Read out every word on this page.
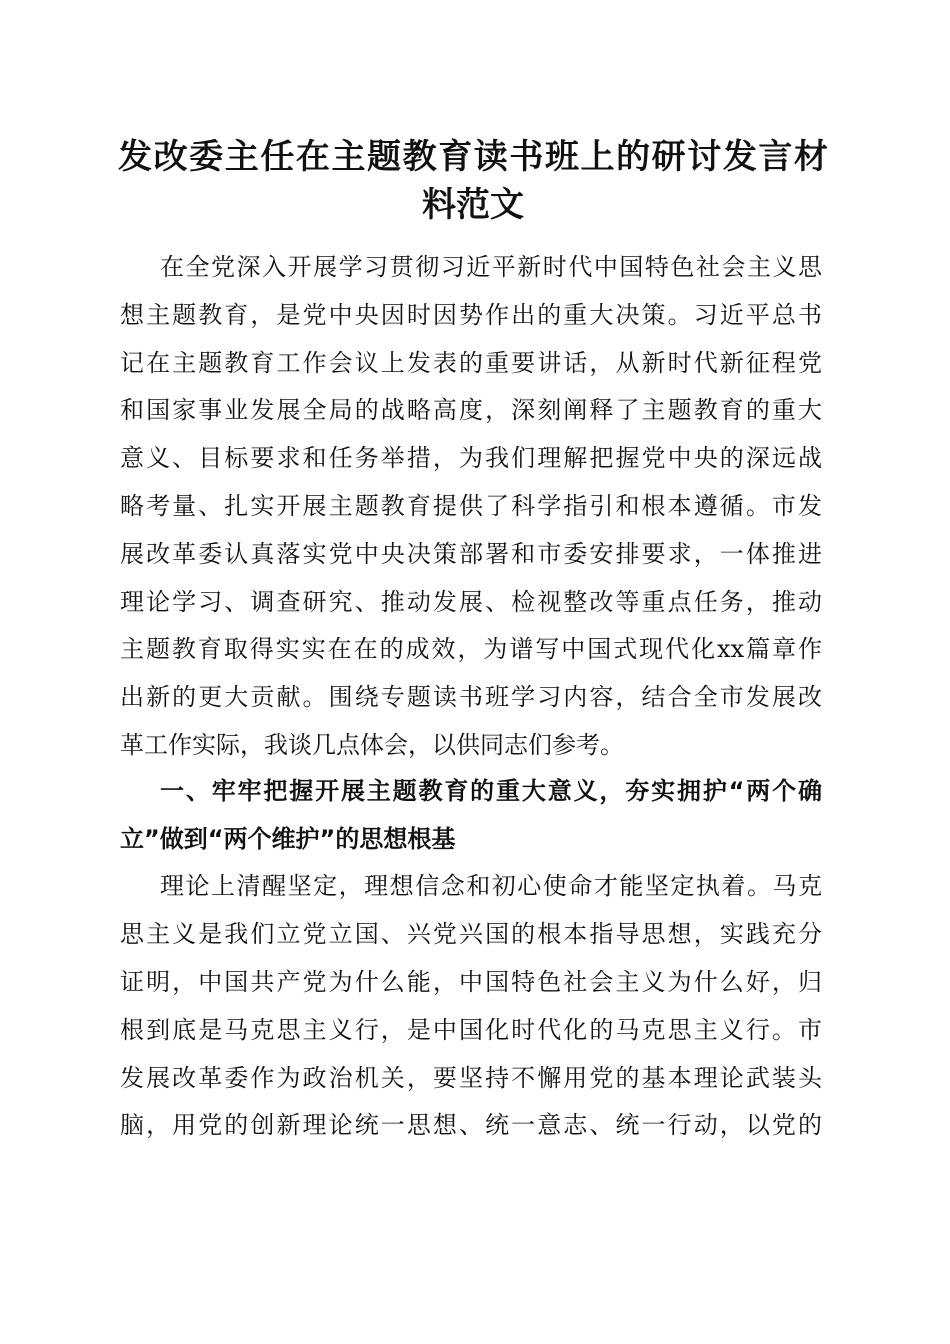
发改委主任在主题教育读书班上的研讨发言材
料范文
在全党深入开展学习贯彻习近平新时代中国特色社会主义思
想主题教育，是党中央因时因势作出的重大决策。习近平总书
记在主题教育工作会议上发表的重要讲话，从新时代新征程党
和国家事业发展全局的战略高度，深刻阐释了主题教育的重大
意义、目标要求和任务举措，为我们理解把握党中央的深远战
略考量、扎实开展主题教育提供了科学指引和根本遵循。市发
展改革委认真落实党中央决策部署和市委安排要求，一体推进
理论学习、调查研究、推动发展、检视整改等重点任务，推动
主题教育取得实实在在的成效，为谱写中国式现代化xx篇章作
出新的更大贡献。围绕专题读书班学习内容，结合全市发展改
革工作实际，我谈几点体会，以供同志们参考。
一、牢牢把握开展主题教育的重大意义，夯实拥护“两个确
立”做到“两个维护”的思想根基
理论上清醒坚定，理想信念和初心使命才能坚定执着。马克
思主义是我们立党立国、兴党兴国的根本指导思想，实践充分
证明，中国共产党为什么能，中国特色社会主义为什么好，归
根到底是马克思主义行，是中国化时代化的马克思主义行。市
发展改革委作为政治机关，要坚持不懈用党的基本理论武装头
脑，用党的创新理论统一思想、统一意志、统一行动，以党的
